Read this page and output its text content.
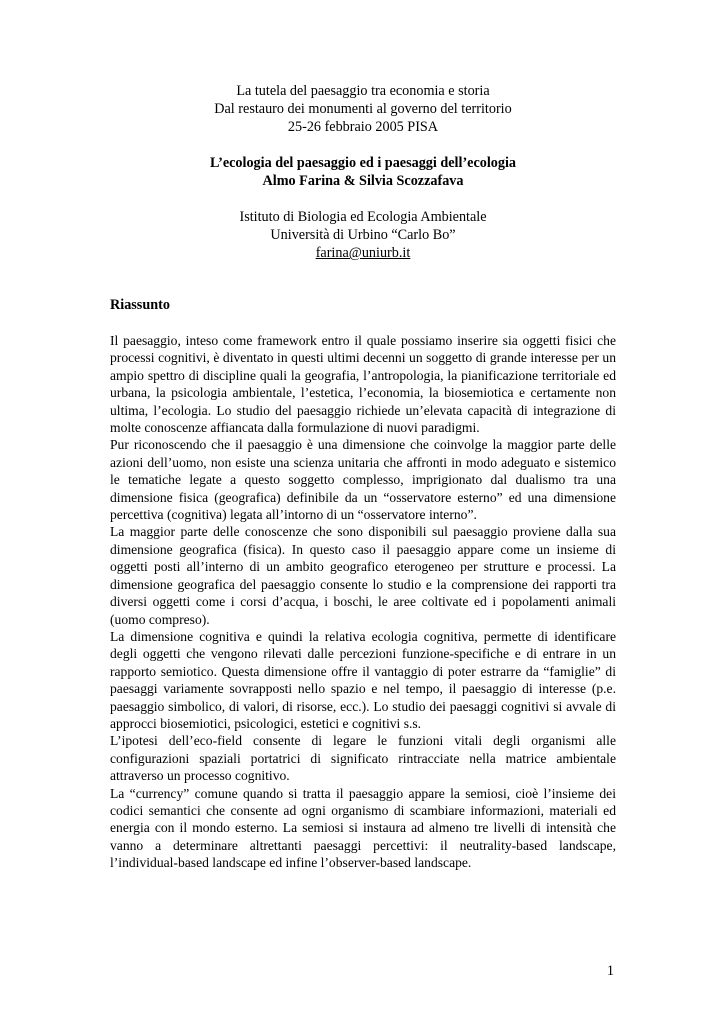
La tutela del paesaggio tra economia e storia
Dal restauro dei monumenti al governo del territorio
25-26 febbraio 2005 PISA
L’ecologia del paesaggio ed i paesaggi dell’ecologia
Almo Farina & Silvia Scozzafava
Istituto di Biologia ed Ecologia Ambientale
Università di Urbino “Carlo Bo”
farina@uniurb.it
Riassunto

Il paesaggio, inteso come framework entro il quale possiamo inserire sia oggetti fisici che processi cognitivi, è diventato in questi ultimi decenni un soggetto di grande interesse per un ampio spettro di discipline quali la geografia, l’antropologia, la pianificazione territoriale ed urbana, la psicologia ambientale, l’estetica, l’economia, la biosemiotica e certamente non ultima, l’ecologia. Lo studio del paesaggio richiede un’elevata capacità di integrazione di molte conoscenze affiancata dalla formulazione di nuovi paradigmi.

Pur riconoscendo che il paesaggio è una dimensione che coinvolge la maggior parte delle azioni dell’uomo, non esiste una scienza unitaria che affronti in modo adeguato e sistemico le tematiche legate a questo soggetto complesso, imprigionato dal dualismo tra una dimensione fisica (geografica) definibile da un “osservatore esterno” ed una dimensione percettiva (cognitiva) legata all’intorno di un “osservatore interno”.

La maggior parte delle conoscenze che sono disponibili sul paesaggio proviene dalla sua dimensione geografica (fisica). In questo caso il paesaggio appare come un insieme di oggetti posti all’interno di un ambito geografico eterogeneo per strutture e processi. La dimensione geografica del paesaggio consente lo studio e la comprensione dei rapporti tra diversi oggetti come i corsi d’acqua, i boschi, le aree coltivate ed i popolamenti animali (uomo compreso).

La dimensione cognitiva e quindi la relativa ecologia cognitiva, permette di identificare degli oggetti che vengono rilevati dalle percezioni funzione-specifiche e di entrare in un rapporto semiotico. Questa dimensione offre il vantaggio di poter estrarre da “famiglie” di paesaggi variamente sovrapposti nello spazio e nel tempo, il paesaggio di interesse (p.e. paesaggio simbolico, di valori, di risorse, ecc.). Lo studio dei paesaggi cognitivi si avvale di approcci biosemiotici, psicologici, estetici e cognitivi s.s.

L’ipotesi dell’eco-field consente di legare le funzioni vitali degli organismi alle configurazioni spaziali portatrici di significato rintracciate nella matrice ambientale attraverso un processo cognitivo.

La “currency” comune quando si tratta il paesaggio appare la semiosi, cioè l’insieme dei codici semantici che consente ad ogni organismo di scambiare informazioni, materiali ed energia con il mondo esterno. La semiosi si instaura ad almeno tre livelli di intensità che vanno a determinare altrettanti paesaggi percettivi: il neutrality-based landscape, l’individual-based landscape ed infine l’observer-based landscape.

1
